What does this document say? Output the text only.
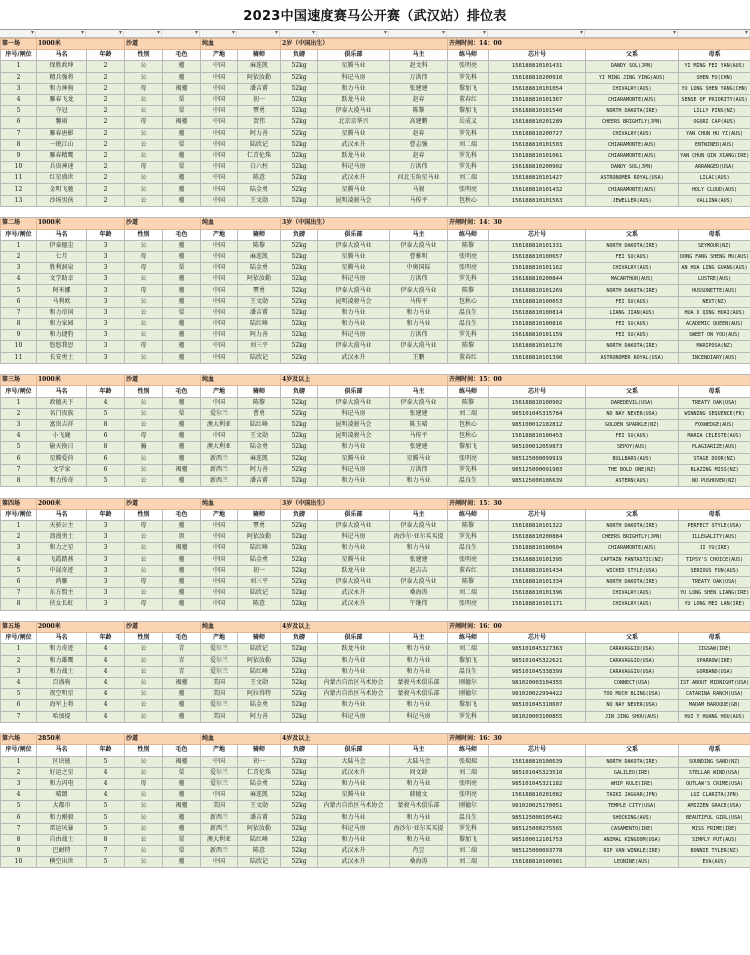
2023中国速度赛马公开赛（武汉站）排位表
▾
▾
▾
▾
▾
▾
▾
▾
▾
▾
▾
▾
▾
▾
第一场	1000米		沙道		纯血		2岁（中国出生）			开闸时间：14：00			
序号/闸位	马名	年龄	性别	毛色	产地	骑师	负磅	俱乐部	马主	练马师	芯片号	父系	母系
1	保胜政坤	2	公	骝	中国	麻连凯	52kg	星腾马业	赵文科	张明亮	156188810101431	DANDY SOL(JPN)	YI MING FEI YAN(AUS)
2	精兵强将	2	公	骝	中国	阿依汝勒	52kg	科记马房	万洪伟	罗先科	156188810200910	YI MING JING YING(AUS)	SHEN FU(CHN)
3	和力神驹	2	母	褐骝	中国	潘吉甫	52kg	和力马业	张建建	黎加飞	156188810101054	CHIVALRY(AUS)	YU LONG SHEN YANG(CHN)
4	雁春飞龙	2	公	栗	中国	初一	52kg	跃龙马业	赵春	董春红	156188810101367	CHIARAMONTE(AUS)	SENSE OF PRIORITY(AUS)
5	夺冠	2	公	栗	中国	覃勇	52kg	伊泰大漠马业	陈黎	黎加飞	156188810101540	NORTH DAKOTA(IRE)	LILLY PINS(NZ)
6	馨雨	2	母	褐骝	中国	贺伟	52kg	北京京华兴	高建鹏	岳成义	156188810201289	CHEERS BRIGHTLY(JPN)	OGURI CAP(AUS)
7	雁春唐影	2	公	骝	中国	阿力善	52kg	星腾马业	赵春	罗先科	156188810200727	CHIVALRY(AUS)	YAN CHUN HU YI(AUS)
8	一统江山	2	公	栗	中国	陆欣记	52kg	武汉永升	曹志强	刘二端	156188810101503	CHIARAMONTE(AUS)	ENTWINED(AUS)
9	雁春精鹰	2	公	骝	中国	仁青伦珠	52kg	跃龙马业	赵春	罗先科	156188810101061	CHIARAMONTE(AUS)	YAN CHUN QIN XIANG(IRE)
10	兵贵神速	2	母	栗	中国	白六柱	52kg	科记马房	万洪伟	罗先科	156188810200902	DANDY SOL(JPN)	ARRANGED(USA)
11	红星盛世	2	公	骝	中国	陈意	52kg	武汉永升	河北玉角星马业	刘二端	156188810101427	ASTRONOMER ROYAL(USA)	LILAC(AUS)
12	金明飞驰	2	公	骝	中国	陆金勇	52kg	星腾马业	马骏	张明亮	156188810101432	CHIARAMONTE(AUS)	HOLY CLOUD(AUS)
13	沙场男孩	2	公	骝	中国	王文勋	52kg	昆明凌骏马会	马传平	包秋心	156188810101563	JEWELLER(AUS)	VALLINA(AUS)

第二场	1000米		沙道		纯血		3岁（中国出生）			开闸时间：14：30			
序号/闸位	马名	年龄	性别	毛色	产地	骑师	负磅	俱乐部	马主	练马师	芯片号	父系	母系
1	伊泰德尘	3	公	骝	中国	陈黎	52kg	伊泰大漠马业	伊泰大漠马业	陈黎	156188810101331	NORTH DAKOTA(IRE)	SEYMOUR(NZ)
2	七月	3	母	骝	中国	麻连凯	52kg	星腾马业	曹雅明	张明亮	156188810100657	FEI SU(AUS)	DONG FANG SHENG MU(AUS)
3	胜利洞泉	3	母	栗	中国	陆金勇	52kg	星腾马业	中奥国际	张明亮	156188810101162	CHIVALRY(AUS)	AN HUA LING GUANG(AUS)
4	文学助幸	3	公	骝	中国	阿依汝勒	52kg	科记马房	万洪伟	罗先科	156188810200844	MACARTHUR(AUS)	LUSTRE(AUS)
5	阿米娜	3	母	骝	中国	覃勇	52kg	伊泰大漠马业	伊泰大漠马业	陈黎	156188810101269	NORTH DAKOTA(IRE)	HUSSONETTE(AUS)
6	马利欧	3	公	骝	中国	王文勋	52kg	昆明凌骏马会	马传平	包秋心	156188810100653	FEI SU(AUS)	NEXT(NZ)
7	和力帝国	3	公	栗	中国	潘吉甫	52kg	和力马业	和力马业	温良生	156188810100814	LIANG JIAN(AUS)	HUA X QING HUAI(AUS)
8	和力家园	3	公	骝	中国	陆红峰	52kg	和力马业	和力马业	温良生	156188810100816	FEI SU(AUS)	ACADEMIC QUEEN(AUS)
9	和力捷豹	3	公	骝	中国	阿力善	52kg	科记马房	万洪伟	罗先科	156188810101159	FEI SU(AUS)	SWEET ON YOU(AUS)
10	悠悠我思	3	母	骝	中国	刘三平	52kg	伊泰大漠马业	伊泰大漠马业	陈黎	156188810101276	NORTH DAKOTA(IRE)	MARIPOSA(NZ)
11	长安勇士	3	公	骝	中国	陆欣记	52kg	武汉永升	王鹏	董春红	156188810101390	ASTRONOMER ROYAL(USA)	INCENDIARY(AUS)

第三场	1000米		沙道		纯血		4岁及以上			开闸时间：15：00			
序号/闸位	马名	年龄	性别	毛色	产地	骑师	负磅	俱乐部	马主	练马师	芯片号	父系	母系
1	政德天下	4	公	骝	中国	陈黎	52kg	伊泰大漠马业	伊泰大漠马业	陈黎	156188810100902	DAREDEVIL(USA)	TREATY OAK(USA)
2	名门贵族	5	公	栗	爱尔兰	曹勇	52kg	科记马房	张建建	刘二端	985101045315784	NO NAY NEVER(USA)	WINNING SEQUENCE(FR)
3	富贵吉祥	8	公	骝	澳大利亚	陆红峰	52kg	昆明凌骏马会	陈玉晴	包秋心	985100012102812	GOLDEN SPARKLE(NZ)	FOXWEDGE(AUS)
4	小飞鹿	6	母	骝	中国	王文勋	52kg	昆明凌骏马会	马传平	包秋心	156188810100453	FEI SU(AUS)	MARIA CELESTE(AUS)
5	偷天换日	8	骟	骝	澳大利亚	陆金勇	52kg	和力马业	张建建	黎加飞	985100012059873	SEPOY(AUS)	PLAGIARIZE(AUS)
6	星腾爱荷	6	公	骝	新西兰	麻连凯	52kg	星腾马业	星腾马业	张明亮	985125000099919	BULLBARS(AUS)	STAGE DOOR(NZ)
7	文学家	6	公	褐骝	新西兰	阿力善	52kg	科记马房	万洪伟	罗先科	985125000091983	THE BOLD ONE(NZ)	BLAZING MISS(NZ)
8	和力传奇	5	公	骝	新西兰	潘吉甫	52kg	和力马业	和力马业	温良生	985125000106639	ASTERN(AUS)	NO PUSHOVER(NZ)

第四场	2000米		沙道		纯血		3岁（中国出生）			开闸时间：15：30			
序号/闸位	马名	年龄	性别	毛色	产地	骑师	负磅	俱乐部	马主	练马师	芯片号	父系	母系
1	天骄公主	3	母	骝	中国	覃勇	52kg	伊泰大漠马业	伊泰大漠马业	陈黎	156188810101322	NORTH DAKOTA(IRE)	PERFECT STYLE(USA)
2	浪漫勇士	3	公	黑	中国	阿依汝勒	52kg	科记马房	海沙尔·亚尔买买提	罗先科	156188810200884	CHEERS BRIGHTLY(JPN)	ILLEGALITY(AUS)
3	和力之星	3	公	褐骝	中国	陆红峰	52kg	和力马业	和力马业	温良生	156188810100604	CHIARAMONTE(AUS)	JI YU(IRE)
4	飞霞踏燕	3	公	骝	中国	陆金勇	52kg	星腾马业	张建建	张明亮	156188810101395	CAPTAIN FANTASTIC(NZ)	TIPSY'S CHOICE(AUS)
5	中晟奇迹	3	公	骝	中国	初一	52kg	跃龙马业	赵吉吉	董春红	156188810101434	WICKED STYLE(USA)	SERIOUS FUN(AUS)
6	鸿雁	3	母	骝	中国	刘三平	52kg	伊泰大漠马业	伊泰大漠马业	陈黎	156188810101334	NORTH DAKOTA(IRE)	TREATY OAK(USA)
7	东方盟主	3	公	骝	中国	陆欣记	52kg	武汉永升	桑海涛	刘二端	156188810101396	CHIVALRY(AUS)	YU LONG SHEN LIANG(IRE)
8	侠女长虹	3	母	骝	中国	陈意	52kg	武汉永升	午继伟	张明亮	156188810101171	CHIVALRY(AUS)	YU LONG MEI LAN(IRE)

第五场	2000米		沙道		纯血		4岁及以上			开闸时间：16：00			
序号/闸位	马名	年龄	性别	毛色	产地	骑师	负磅	俱乐部	马主	练马师	芯片号	父系	母系
1	和力奇迹	4	公	青	爱尔兰	陆欣记	52kg	跃龙马业	和力马业	刘二端	985101045327363	CARAVAGGIO(USA)	JIGSAW(IRE)
2	和力雄鹰	4	公	青	爱尔兰	阿依汝勒	52kg	和力马业	和力马业	黎加飞	985101045322621	CARAVAGGIO(USA)	SPARROW(IRE)
3	和力战士	4	公	青	爱尔兰	陆红峰	52kg	和力马业	和力马业	温良生	985101045338399	CARAVAGGIO(USA)	GORBAND(USA)
4	百盛驹	4	公	褐骝	美国	王文勋	52kg	内蒙古自治区马术协会	蒙骏马术俱乐部	刚德尔	981020003104355	CONNECT(USA)	IST ABOUT MIDNIGHT(USA)
5	夜空明星	4	公	骝	美国	阿拉得特	52kg	内蒙古自治区马术协会	蒙骏马术俱乐部	刚德尔	981020022994422	TOO MUCH BLING(USA)	CATARINA RANCH(USA)
6	海军上将	4	公	骝	爱尔兰	陆金勇	52kg	和力马业	和力马业	黎加飞	985101045310607	NO NAY NEVER(USA)	MADAM BAROQUE(GB)
7	哈加提	4	公	骝	美国	阿力善	52kg	科记马房	科记马房	罗先科	981020003100855	JIN JING SHOU(AUS)	HUI Y HUANG HOU(AUS)

第六场	2850米		沙道		纯血		4岁及以上			开闸时间：16：30			
序号/闸位	马名	年龄	性别	毛色	产地	骑师	负磅	俱乐部	马主	练马师	芯片号	父系	母系
1	区块链	5	公	褐骝	中国	初一	52kg	大陆马会	大陆马会	张瑞瑞	156188810100639	NORTH DAKOTA(IRE)	SOUNDING SAND(NZ)
2	好运之星	4	公	栗	爱尔兰	仁青伦珠	52kg	武汉永升	问文龄	刘二端	985101045323510	GALILEO(IRE)	STELLAR WIND(USA)
3	和力闪电	4	母	骝	爱尔兰	陆金勇	52kg	和力马业	和力马业	张明亮	985101045321182	WHIP RULE(IRE)	OUTLAW'S CRIME(USA)
4	晴朗	4	公	骝	中国	麻连凯	52kg	星腾马业	韩德文	张明亮	156188810201082	TAIKI JAGUAR(JPN)	LUZ CLARITA(JPN)
5	大都市	5	公	褐骝	美国	王文勋	52kg	内蒙古自治区马术协会	蒙骏马术俱乐部	刚德尔	981020025170051	TEMPLE CITY(USA)	AMIZZEN GRACE(USA)
6	和力刚毅	5	公	骝	新西兰	潘吉甫	52kg	和力马业	和力马业	温良生	985125000105462	SHOCKING(AUS)	BEAUTIFUL GIRL(USA)
7	雷运风暴	5	公	骝	新西兰	阿依汝勒	52kg	科记马房	海沙尔·亚尔买买提	罗先科	985125000275565	CASAMENTO(IRE)	MISS FRIME(IRE)
8	自由战士	8	公	栗	澳大利亚	陆红峰	52kg	和力马业	和力马业	黎加飞	985100012101753	ANIMAL KINGDOM(USA)	SIMPLY PUT(AUS)
9	巴耐特	7	公	栗	新西兰	陈意	52kg	武汉永升	肖昱	刘二端	985125000093778	RIP VAN WINKLE(IRE)	BONNIE TYLER(NZ)
10	横空出世	5	公	骝	中国	陆欣记	52kg	武汉永升	桑海涛	刘二端	156188810100981	LEONINE(AUS)	EVA(AUS)
